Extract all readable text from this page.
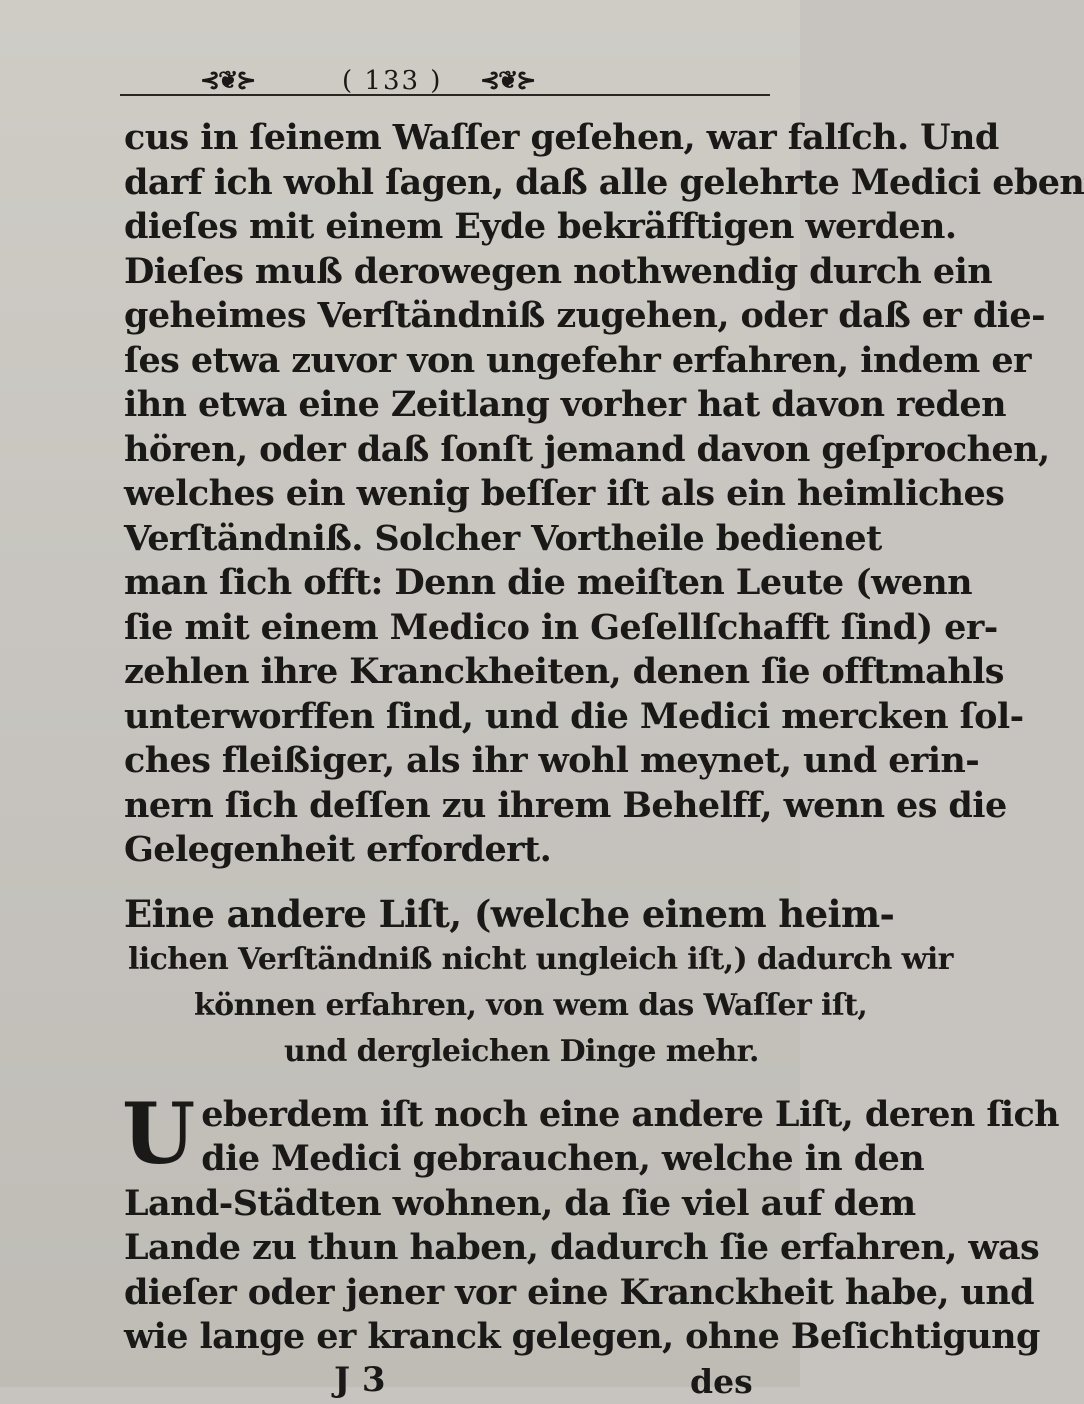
⊰❦⊱	( 133 ) ⊰❦⊱
cus in ſeinem Waſſer geſehen, war falſch. Und
darf ich wohl ſagen, daß alle gelehrte Medici eben
dieſes mit einem Eyde bekräfftigen werden.
Dieſes muß derowegen nothwendig durch ein
geheimes Verſtändniß zugehen, oder daß er die-
ſes etwa zuvor von ungefehr erfahren, indem er
ihn etwa eine Zeitlang vorher hat davon reden
hören, oder daß ſonſt jemand davon geſprochen,
welches ein wenig beſſer iſt als ein heimliches
Verſtändniß. Solcher Vortheile bedienet
man ſich offt: Denn die meiſten Leute (wenn
ſie mit einem Medico in Geſellſchafft ſind) er-
zehlen ihre Kranckheiten, denen ſie offtmahls
unterworffen ſind, und die Medici mercken ſol-
ches fleißiger, als ihr wohl meynet, und erin-
nern ſich deſſen zu ihrem Behelff, wenn es die
Gelegenheit erfordert.
Eine andere Liſt, (welche einem heim-
lichen Verſtändniß nicht ungleich iſt,) dadurch wir
können erfahren, von wem das Waſſer iſt,
und dergleichen Dinge mehr.
U eberdem iſt noch eine andere Liſt, deren ſich
die Medici gebrauchen, welche in den
Land-Städten wohnen, da ſie viel auf dem
Lande zu thun haben, dadurch ſie erfahren, was
dieſer oder jener vor eine Kranckheit habe, und
wie lange er kranck gelegen, ohne Beſichtigung
J 3	des
